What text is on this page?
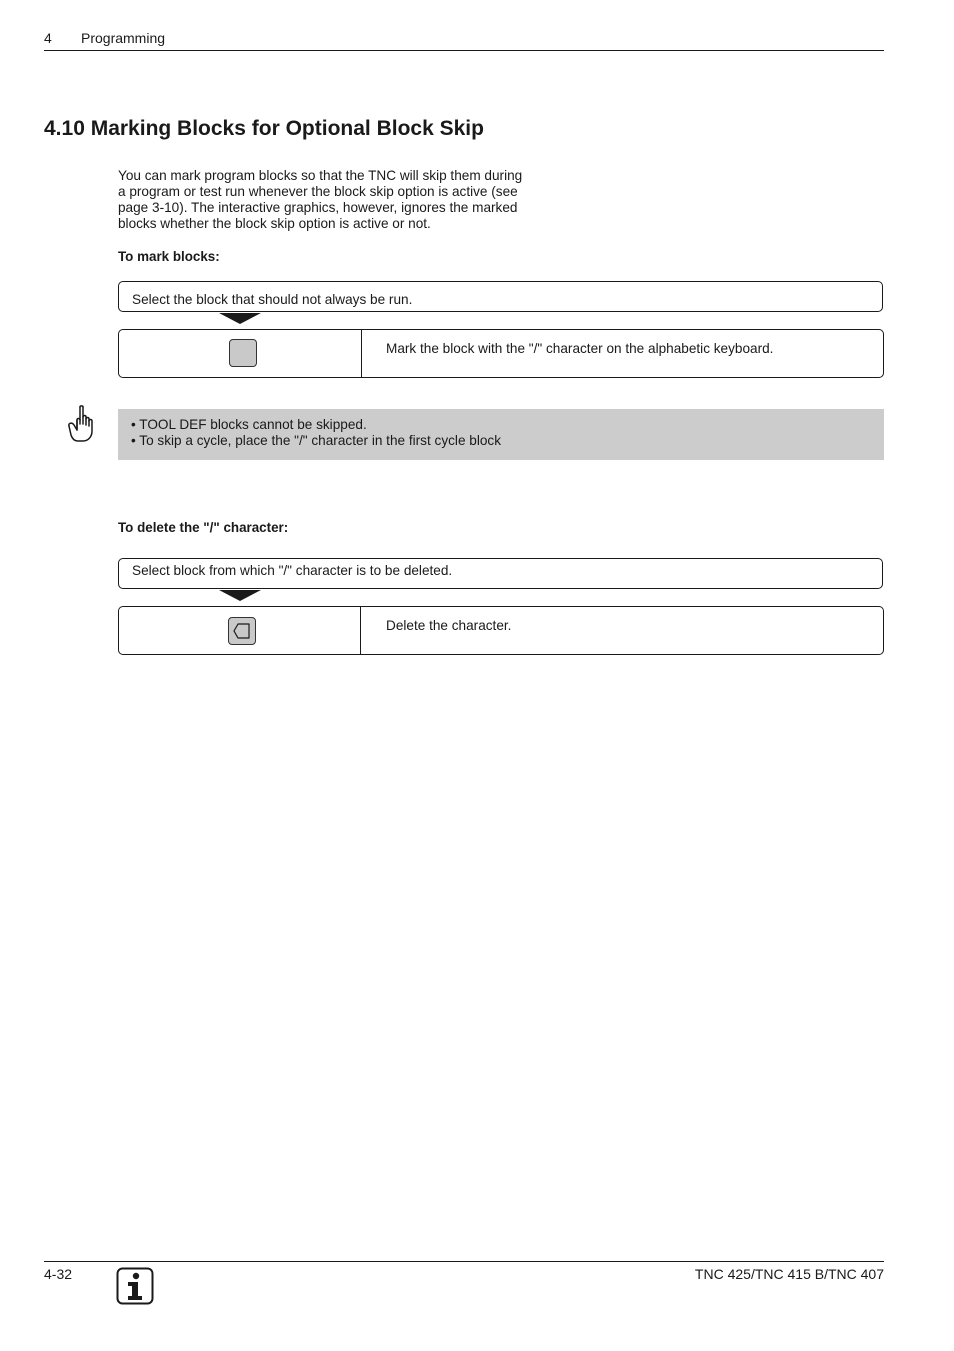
4 Programming
4.10 Marking Blocks for Optional Block Skip
You can mark program blocks so that the TNC will skip them during
a program or test run whenever the block skip option is active (see
page 3-10). The interactive graphics, however, ignores the marked
blocks whether the block skip option is active or not.
To mark blocks:
Select the block that should not always be run.
Mark the block with the "/" character on the alphabetic keyboard.
• TOOL DEF blocks cannot be skipped.
• To skip a cycle, place the "/" character in the first cycle block
To delete the "/" character:
Select block from which "/" character is to be deleted.
Delete the character.
4-32	TNC 425/TNC 415 B/TNC 407
